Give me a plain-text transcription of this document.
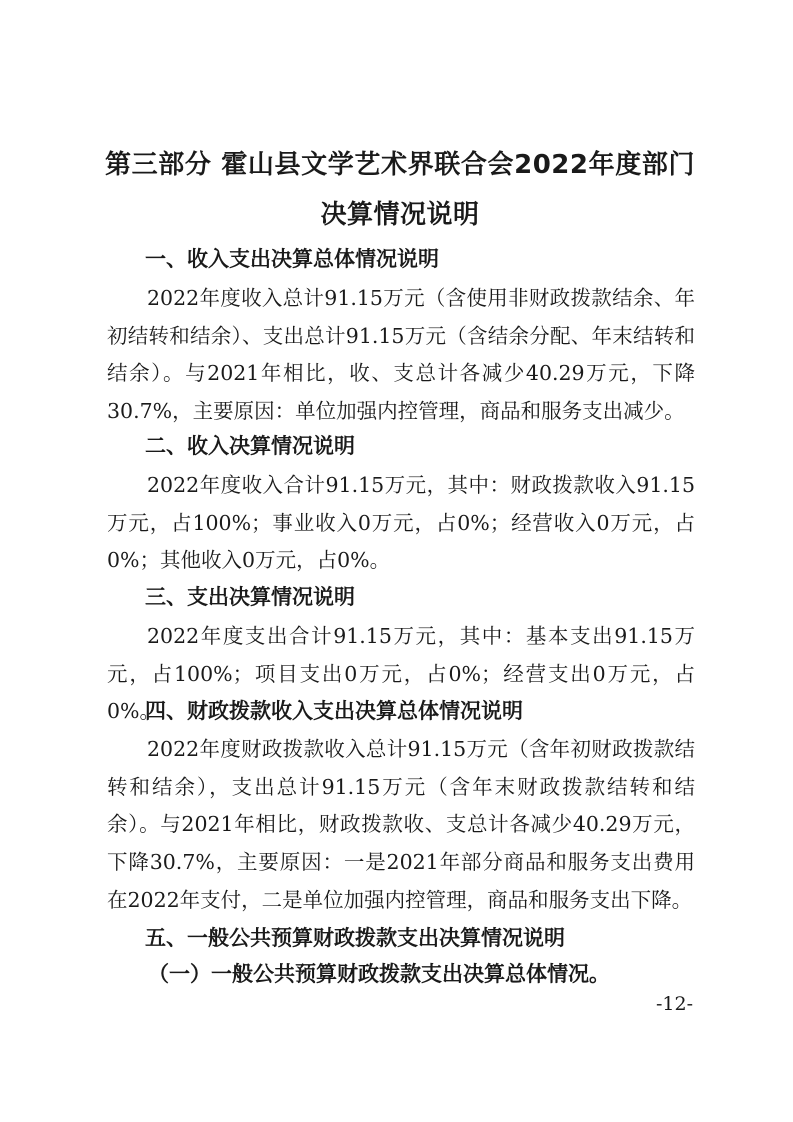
第三部分 霍山县文学艺术界联合会2022年度部门决算情况说明
一、收入支出决算总体情况说明

2022年度收入总计91.15万元（含使用非财政拨款结余、年初结转和结余）、支出总计91.15万元（含结余分配、年末结转和结余）。与2021年相比，收、支总计各减少40.29万元，下降30.7%，主要原因：单位加强内控管理，商品和服务支出减少。

二、收入决算情况说明

2022年度收入合计91.15万元，其中：财政拨款收入91.15万元，占100%；事业收入0万元，占0%；经营收入0万元，占0%；其他收入0万元，占0%。

三、支出决算情况说明

2022年度支出合计91.15万元，其中：基本支出91.15万元，占100%；项目支出0万元，占0%；经营支出0万元，占0%。

四、财政拨款收入支出决算总体情况说明

2022年度财政拨款收入总计91.15万元（含年初财政拨款结转和结余），支出总计91.15万元（含年末财政拨款结转和结余）。与2021年相比，财政拨款收、支总计各减少40.29万元，下降30.7%，主要原因：一是2021年部分商品和服务支出费用在2022年支付，二是单位加强内控管理，商品和服务支出下降。

五、一般公共预算财政拨款支出决算情况说明
（一）一般公共预算财政拨款支出决算总体情况。
-12-
